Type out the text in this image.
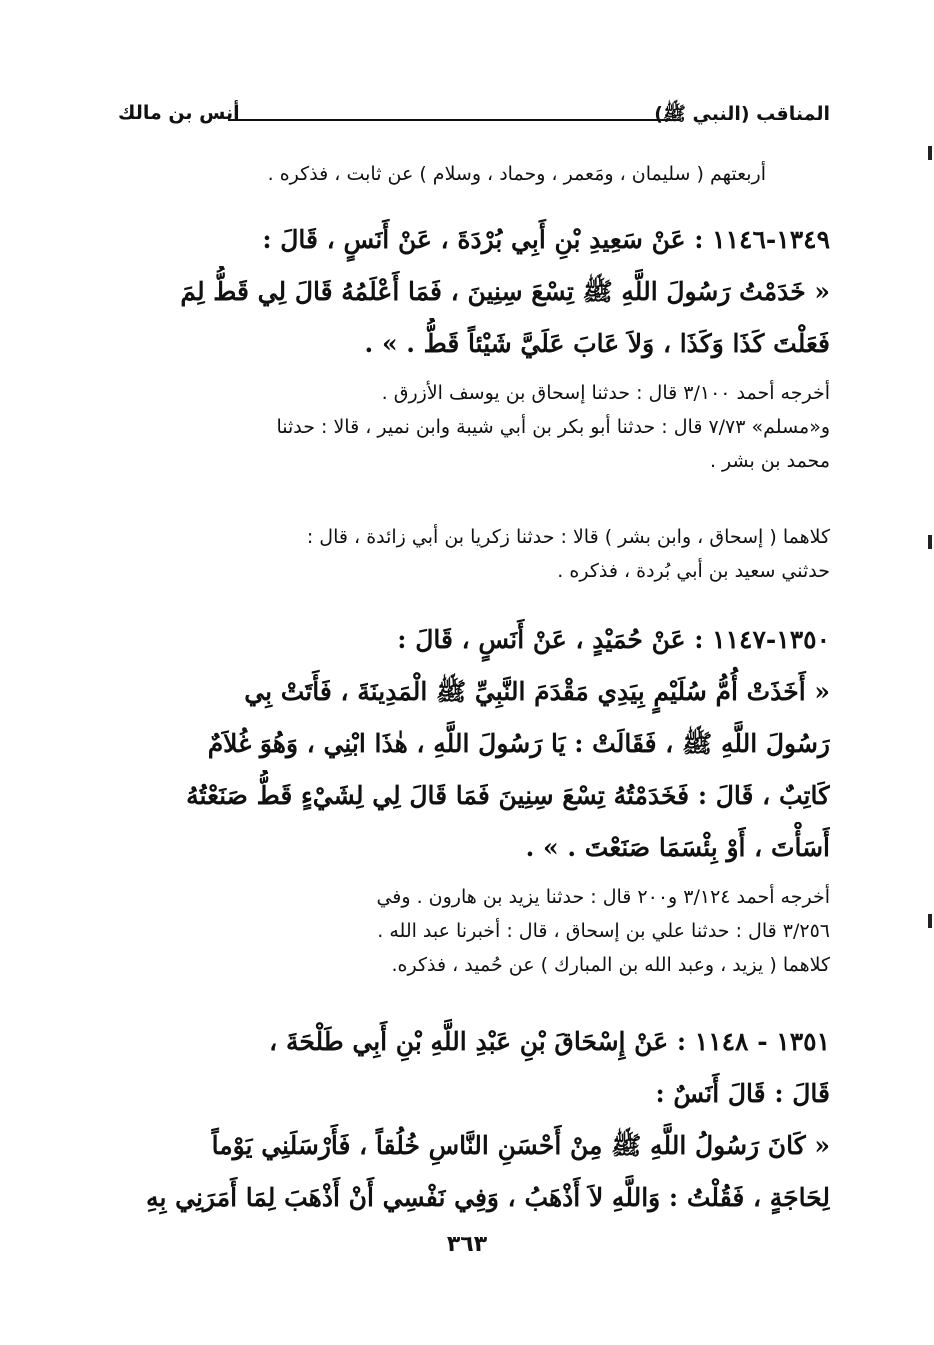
المناقب (النبي ﷺ)
أنس بن مالك
أربعتهم ( سليمان ، ومَعمر ، وحماد ، وسلام ) عن ثابت ، فذكره .
١٣٤٩-١١٤٦ : عَنْ سَعِيدِ بْنِ أَبِي بُرْدَةَ ، عَنْ أَنَسٍ ، قَالَ :
« خَدَمْتُ رَسُولَ اللَّهِ ﷺ تِسْعَ سِنِينَ ، فَمَا أَعْلَمُهُ قَالَ لِي قَطُّ لِمَ
فَعَلْتَ كَذَا وَكَذَا ، وَلاَ عَابَ عَلَيَّ شَيْئاً قَطُّ . » .
أخرجه أحمد ٣/١٠٠ قال : حدثنا إسحاق بن يوسف الأزرق .
و«مسلم» ٧/٧٣ قال : حدثنا أبو بكر بن أبي شيبة وابن نمير ، قالا : حدثنا
محمد بن بشر .
كلاهما ( إسحاق ، وابن بشر ) قالا : حدثنا زكريا بن أبي زائدة ، قال :
حدثني سعيد بن أبي بُردة ، فذكره .
١٣٥٠-١١٤٧ : عَنْ حُمَيْدٍ ، عَنْ أَنَسٍ ، قَالَ :
« أَخَذَتْ أُمُّ سُلَيْمٍ بِيَدِي مَقْدَمَ النَّبِيِّ ﷺ الْمَدِينَةَ ، فَأَتَتْ بِي
رَسُولَ اللَّهِ ﷺ ، فَقَالَتْ : يَا رَسُولَ اللَّهِ ، هٰذَا ابْنِي ، وَهُوَ غُلاَمٌ
كَاتِبٌ ، قَالَ : فَخَدَمْتُهُ تِسْعَ سِنِينَ فَمَا قَالَ لِي لِشَيْءٍ قَطُّ صَنَعْتُهُ
أَسَأْتَ ، أَوْ بِئْسَمَا صَنَعْتَ . » .
أخرجه أحمد ٣/١٢٤ و٢٠٠ قال : حدثنا يزيد بن هارون . وفي
٣/٢٥٦ قال : حدثنا علي بن إسحاق ، قال : أخبرنا عبد الله .
كلاهما ( يزيد ، وعبد الله بن المبارك ) عن حُميد ، فذكره.
١٣٥١ - ١١٤٨ : عَنْ إِسْحَاقَ بْنِ عَبْدِ اللَّهِ بْنِ أَبِي طَلْحَةَ ،
قَالَ : قَالَ أَنَسٌ :
« كَانَ رَسُولُ اللَّهِ ﷺ مِنْ أَحْسَنِ النَّاسِ خُلُقاً ، فَأَرْسَلَنِي يَوْماً
لِحَاجَةٍ ، فَقُلْتُ : وَاللَّهِ لاَ أَذْهَبُ ، وَفِي نَفْسِي أَنْ أَذْهَبَ لِمَا أَمَرَنِي بِهِ
٣٦٣
